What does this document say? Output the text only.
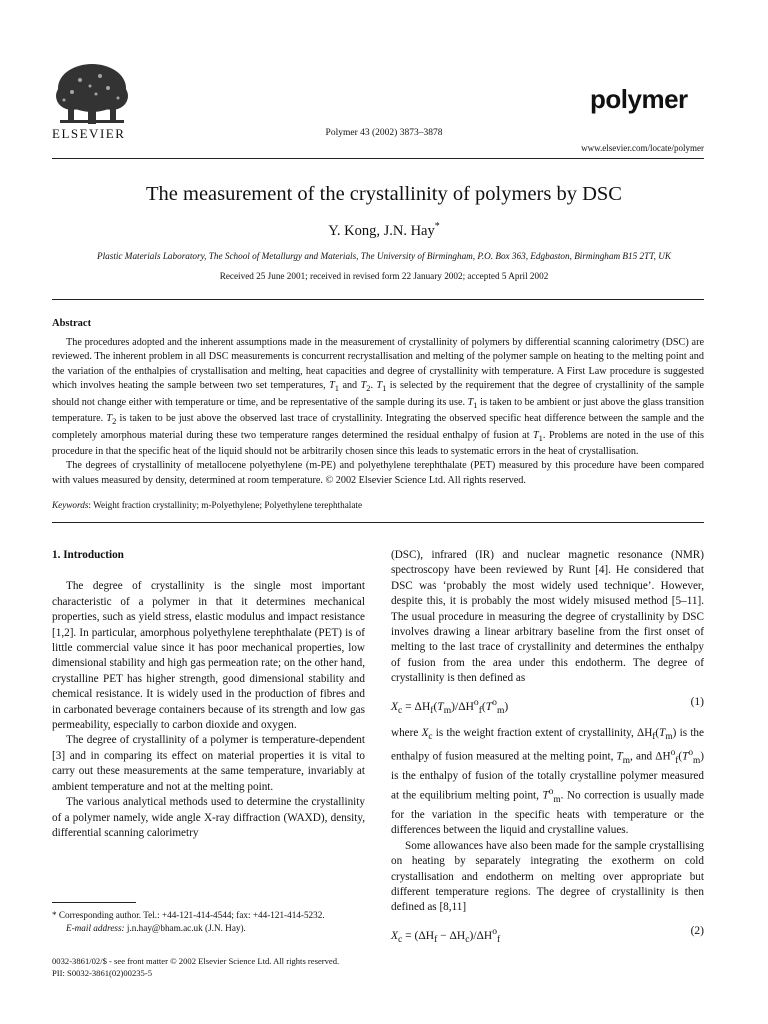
ELSEVIER	Polymer 43 (2002) 3873–3878
polymer
www.elsevier.com/locate/polymer
The measurement of the crystallinity of polymers by DSC
Y. Kong, J.N. Hay*
Plastic Materials Laboratory, The School of Metallurgy and Materials, The University of Birmingham, P.O. Box 363, Edgbaston, Birmingham B15 2TT, UK
Received 25 June 2001; received in revised form 22 January 2002; accepted 5 April 2002
Abstract

The procedures adopted and the inherent assumptions made in the measurement of crystallinity of polymers by differential scanning calorimetry (DSC) are reviewed. The inherent problem in all DSC measurements is concurrent recrystallisation and melting of the polymer sample on heating to the melting point and the variation of the enthalpies of crystallisation and melting, heat capacities and degree of crystallinity with temperature. A First Law procedure is suggested which involves heating the sample between two set temperatures, $T_1$ and $T_2$. $T_1$ is selected by the requirement that the degree of crystallinity of the sample should not change either with temperature or time, and be representative of the sample during its use. $T_1$ is taken to be ambient or just above the glass transition temperature. $T_2$ is taken to be just above the observed last trace of crystallinity. Integrating the observed specific heat difference between the sample and the completely amorphous material during these two temperature ranges determined the residual enthalpy of fusion at $T_1$. Problems are noted in the use of this procedure in that the specific heat of the liquid should not be arbitrarily chosen since this leads to systematic errors in the heat of crystallisation.

The degrees of crystallinity of metallocene polyethylene (m-PE) and polyethylene terephthalate (PET) measured by this procedure have been compared with values measured by density, determined at room temperature. © 2002 Elsevier Science Ltd. All rights reserved.

Keywords: Weight fraction crystallinity; m-Polyethylene; Polyethylene terephthalate

1. Introduction

The degree of crystallinity is the single most important characteristic of a polymer in that it determines mechanical properties, such as yield stress, elastic modulus and impact resistance [1,2]. In particular, amorphous polyethylene terephthalate (PET) is of little commercial value since it has poor mechanical properties, low dimensional stability and high gas permeation rate; on the other hand, crystalline PET has higher strength, good dimensional stability and chemical resistance. It is widely used in the production of fibres and in carbonated beverage containers because of its strength and low gas permeability, especially to carbon dioxide and oxygen.

The degree of crystallinity of a polymer is temperature-dependent [3] and in comparing its effect on material properties it is vital to carry out these measurements at the same temperature, invariably at ambient temperature and not at the melting point.

The various analytical methods used to determine the crystallinity of a polymer namely, wide angle X-ray diffraction (WAXD), density, differential scanning calorimetry

(DSC), infrared (IR) and nuclear magnetic resonance (NMR) spectroscopy have been reviewed by Runt [4]. He considered that DSC was ‘probably the most widely used technique’. However, despite this, it is probably the most widely misused method [5–11]. The usual procedure in measuring the degree of crystallinity by DSC involves drawing a linear arbitrary baseline from the first onset of melting to the last trace of crystallinity and determines the enthalpy of fusion from the area under this endotherm. The degree of crystallinity is then defined as

$X_c = \Delta H_f(T_m)/\Delta H^o_f(T^o_m)$	(1)

where $X_c$ is the weight fraction extent of crystallinity, $\Delta H_f(T_m)$ is the enthalpy of fusion measured at the melting point, $T_m$, and $\Delta H^o_f(T^o_m)$ is the enthalpy of fusion of the totally crystalline polymer measured at the equilibrium melting point, $T^o_m$. No correction is usually made for the variation in the specific heats with temperature or the differences between the liquid and crystalline values.

Some allowances have also been made for the sample crystallising on heating by separately integrating the exotherm on cold crystallisation and endotherm on melting over appropriate but different temperature regions. The degree of crystallinity is then defined as [8,11]

$X_c = (\Delta H_f - \Delta H_c)/\Delta H^o_f$
(2)

* Corresponding author. Tel.: +44-121-414-4544; fax: +44-121-414-5232.

E-mail address: j.n.hay@bham.ac.uk (J.N. Hay).

0032-3861/02/$ - see front matter © 2002 Elsevier Science Ltd. All rights reserved.

PII: S0032-3861(02)00235-5
